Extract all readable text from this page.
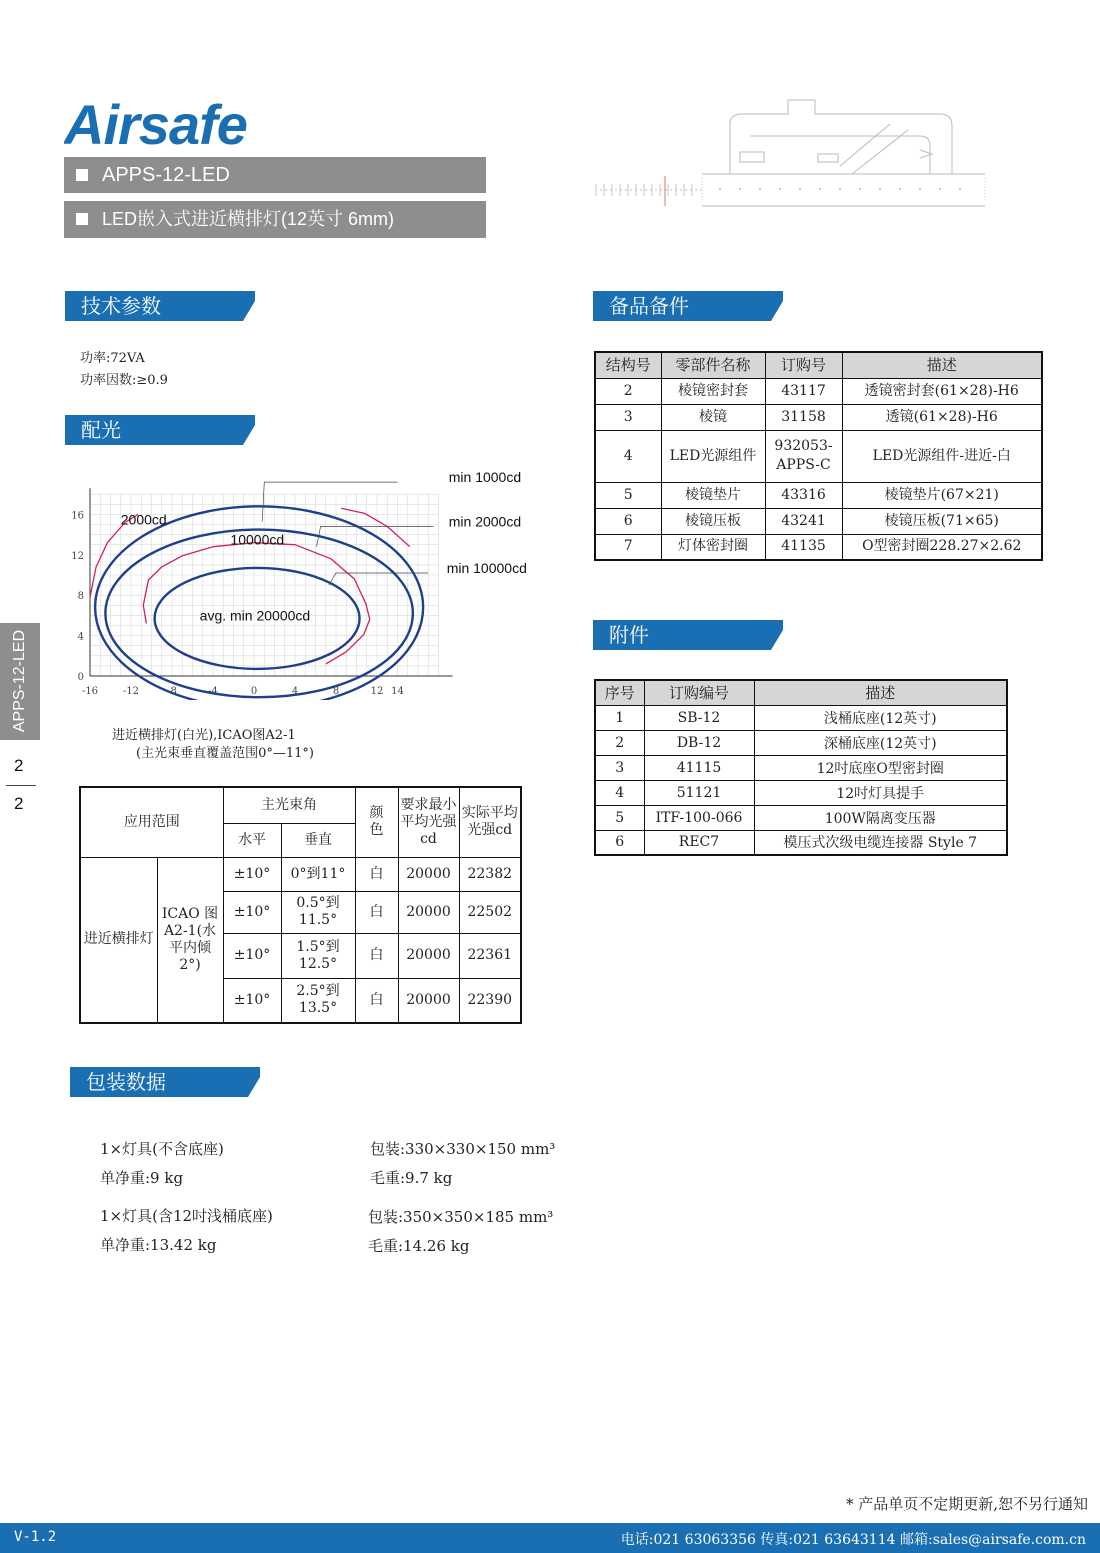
Airsafe
APPS-12-LED
LED嵌入式进近横排灯(12英寸 6mm)
技术参数
配光
备品备件
附件
包装数据
功率:72VA
功率因数:≥0.9
-16 -12	-8	-4	0	4	8	12 14
0
4
8
12
16	2000cd
10000cd
avg. min 20000cd
min 1000cd
min 2000cd
min 10000cd
进近横排灯(白光),ICAO图A2-1
(主光束垂直覆盖范围0°—11°)
应用范围		主光束角		颜色	要求最小平均光强cd	实际平均光强cd
		水平	垂直			
进近横排灯	ICAO 图A2-1(水平内倾2°)	±10°	0°到11°	白	20000	22382
		±10°	0.5°到11.5°	白	20000	22502
		±10°	1.5°到12.5°	白	20000	22361
		±10°	2.5°到13.5°	白	20000	22390
结构号	零部件名称	订购号	描述
2	棱镜密封套	43117	透镜密封套(61×28)-H6
3	棱镜	31158	透镜(61×28)-H6
4	LED光源组件	932053-APPS-C	LED光源组件-进近-白
5	棱镜垫片	43316	棱镜垫片(67×21)
6	棱镜压板	43241	棱镜压板(71×65)
7	灯体密封圈	41135	O型密封圈228.27×2.62
序号	订购编号	描述
1	SB-12	浅桶底座(12英寸)
2	DB-12	深桶底座(12英寸)
3	41115	12吋底座O型密封圈
4	51121	12吋灯具提手
5	ITF-100-066	100W隔离变压器
6	REC7	模压式次级电缆连接器 Style 7
1×灯具(不含底座)	包装:330×330×150 mm³
单净重:9 kg	毛重:9.7 kg
1×灯具(含12吋浅桶底座)	包装:350×350×185 mm³
单净重:13.42 kg	毛重:14.26 kg
APPS-12-LED
2
2
* 产品单页不定期更新,恕不另行通知
V-1.2	电话:021 63063356 传真:021 63643114 邮箱:sales@airsafe.com.cn
